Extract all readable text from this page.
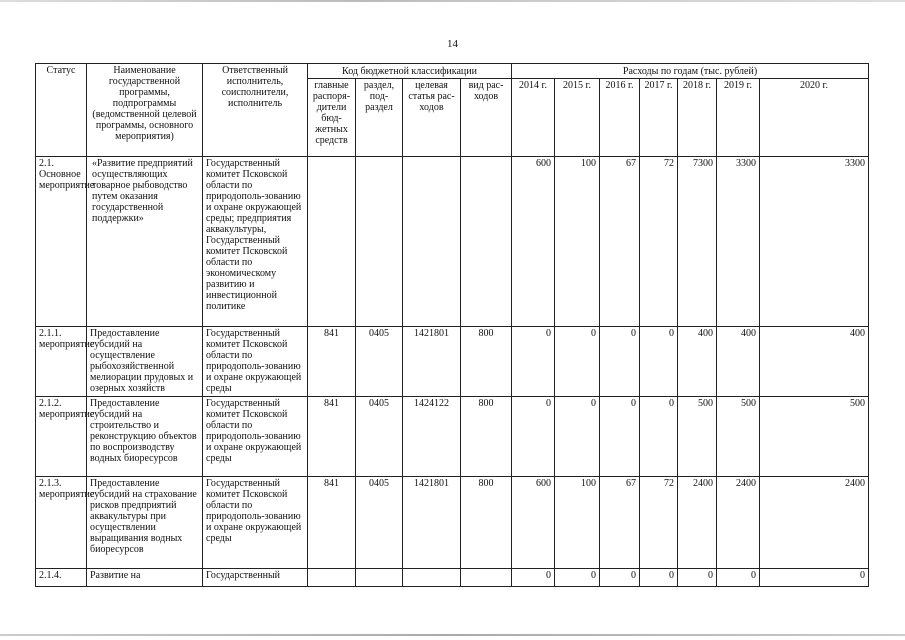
14
Статус	Наименование государственной программы, подпрограммы (ведомственной целевой программы, основного мероприятия)	Ответственный исполнитель, соисполнители, исполнитель	Код бюджетной классификации				Расходы по годам (тыс. рублей)						
			главные распоря-дители бюд-жетных средств	раздел, под-раздел	целевая статья рас-ходов	вид рас-ходов	2014 г.	2015 г.	2016 г.	2017 г.	2018 г.	2019 г.	2020 г.
2.1. Основное мероприятие	«Развитие предприятий осуществляющих товарное рыбоводство путем оказания государственной поддержки»	Государственный комитет Псковской области по природополь-зованию и охране окружающей среды; предприятия аквакультуры, Государственный комитет Псковской области по экономическому развитию и инвестиционной политике					600	100	67	72	7300	3300	3300
2.1.1. мероприятие	Предоставление субсидий на осуществление рыбохозяйственной мелиорации прудовых и озерных хозяйств	Государственный комитет Псковской области по природополь-зованию и охране окружающей среды	841	0405	1421801	800	0	0	0	0	400	400	400
2.1.2. мероприятие	Предоставление субсидий на строительство и реконструкцию объектов по воспроизводству водных биоресурсов	Государственный комитет Псковской области по природополь-зованию и охране окружающей среды	841	0405	1424122	800	0	0	0	0	500	500	500
2.1.3. мероприятие	Предоставление субсидий на страхование рисков предприятий аквакультуры при осуществлении выращивания водных биоресурсов	Государственный комитет Псковской области по природополь-зованию и охране окружающей среды	841	0405	1421801	800	600	100	67	72	2400	2400	2400
2.1.4.	Развитие на	Государственный					0	0	0	0	0	0	0
